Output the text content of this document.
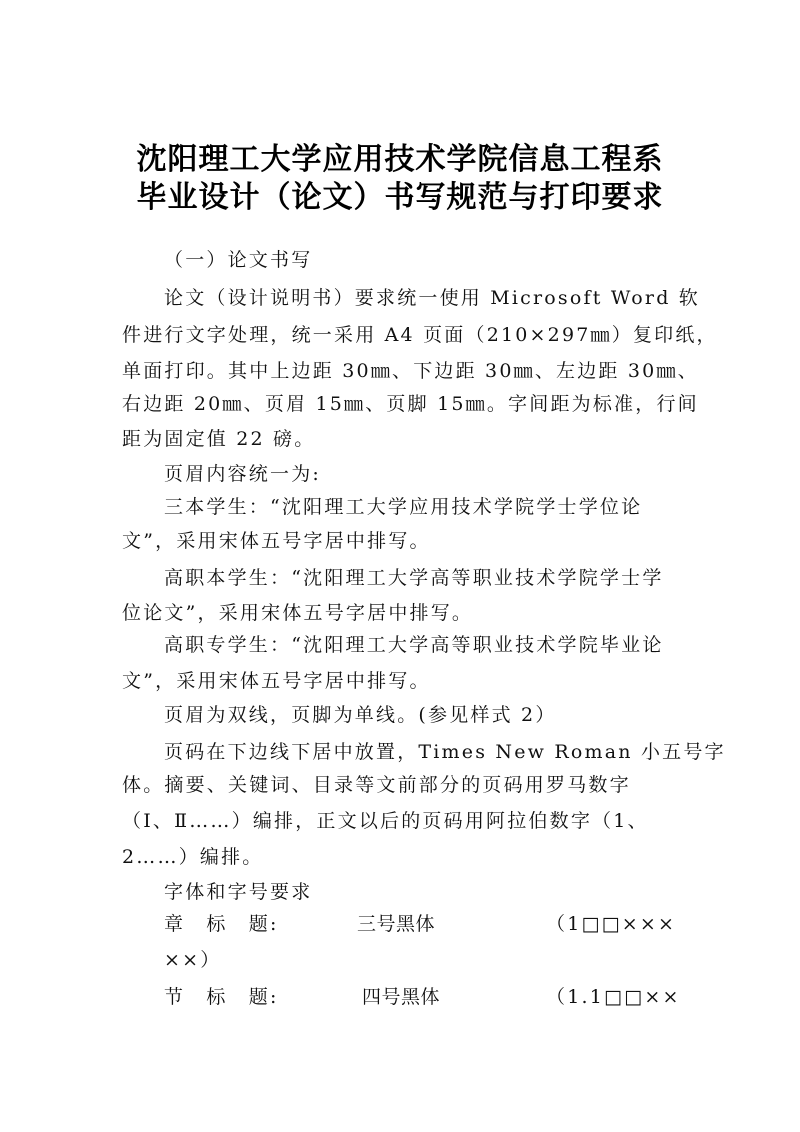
沈阳理工大学应用技术学院信息工程系
毕业设计（论文）书写规范与打印要求
（一）论文书写
论文（设计说明书）要求统一使用 Microsoft Word 软
件进行文字处理，统一采用 A4 页面（210×297㎜）复印纸，
单面打印。其中上边距 30㎜、下边距 30㎜、左边距 30㎜、
右边距 20㎜、页眉 15㎜、页脚 15㎜。字间距为标准，行间
距为固定值 22 磅。
页眉内容统一为:
三本学生：“沈阳理工大学应用技术学院学士学位论
文”，采用宋体五号字居中排写。
高职本学生：“沈阳理工大学高等职业技术学院学士学
位论文”，采用宋体五号字居中排写。
高职专学生：“沈阳理工大学高等职业技术学院毕业论
文”，采用宋体五号字居中排写。
页眉为双线，页脚为单线。(参见样式 2）
页码在下边线下居中放置，Times New Roman 小五号字
体。摘要、关键词、目录等文前部分的页码用罗马数字
（Ⅰ、Ⅱ……）编排，正文以后的页码用阿拉伯数字（1、
2……）编排。
字体和字号要求
章　标　题:	三号黑体	（1□□×××
××）
节　标　题:	四号黑体	（1.1□□××
